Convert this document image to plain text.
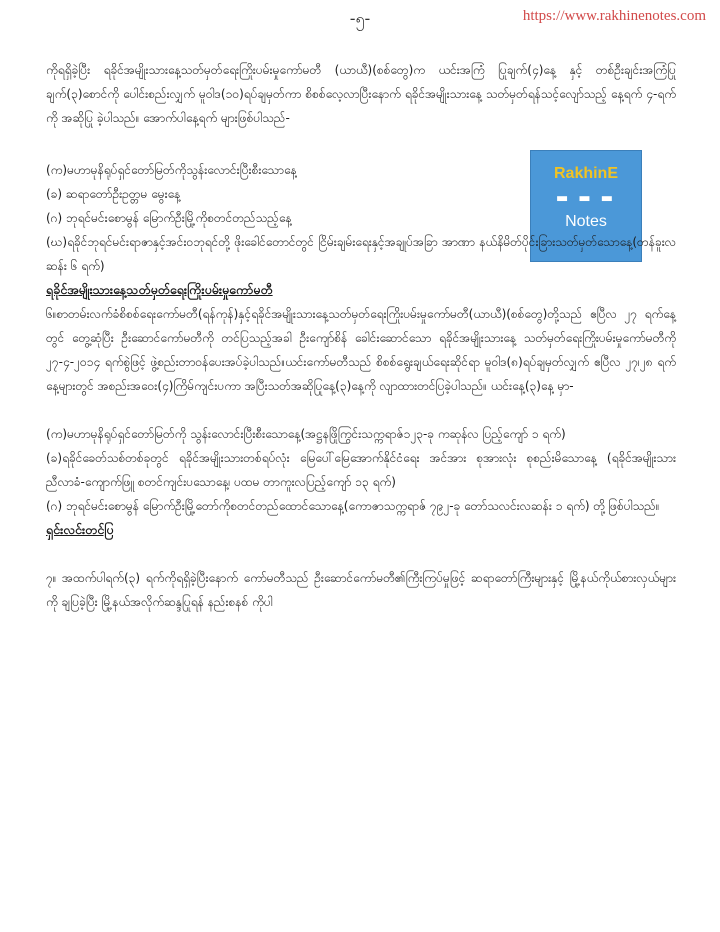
-၅-	https://www.rakhinenotes.com
RakhinE
▬ ▬ ▬
Notes

ကိုရရှိခဲ့ပြီး ရခိုင်အမျိုးသားနေ့သတ်မှတ်ရေးကြိုးပမ်းမှုကော်မတီ (ယာယီ)(စစ်တွေ)က ယင်းအကြံ ပြုချက်(၄)နေ့ နှင့် တစ်ဦးချင်းအကြံပြုချက်(၃)စောင်ကို ပေါင်းစည်းလျှက် မူ၀ါဒ(၁၀)ရပ်ချမှတ်ကာ စိစစ်လေ့လာပြီးနောက် ရခိုင်အမျိုးသားနေ့ သတ်မှတ်ရန်သင့်လျော်သည့် နေ့ရက် ၄-ရက်ကို အဆိုပြု ခဲ့ပါသည်။ အောက်ပါနေ့ရက် များဖြစ်ပါသည်-

(က)မဟာမုနိရုပ်ရှင်တော်မြတ်ကိုသွန်းလောင်းပြီးစီးသောနေ့

(ခ) ဆရာတော်ဦးဥတ္တမ မွေးနေ့

(ဂ) ဘုရင်မင်းစောမွန် မြောက်ဦးမြို့ကိုစတင်တည်သည့်နေ့

(ဃ)ရခိုင်ဘုရင်မင်းရာဇာနှင့်အင်းဝဘုရင်တို့ ဖိုးခေါင်တောင်တွင် ငြိမ်းချမ်းရေးနှင့်အချုပ်အခြာ အာဏာ နယ်နိမိတ်ပိုင်းခြားသတ်မှတ်သောနေ့(တန်ခူးလဆန်း ၆ ရက်)

ရခိုင်အမျိုးသားနေ့သတ်မှတ်ရေးကြိုးပမ်းမှုကော်မတီ

၆။စာတမ်းလက်ခံစိစစ်ရေးကော်မတီ(ရန်ကုန်)နှင့်ရခိုင်အမျိုးသားနေ့သတ်မှတ်ရေးကြိုးပမ်းမှုကော်မတီ(ယာယီ)(စစ်တွေ)တို့သည် ဧပြီလ ၂၇ ရက်နေ့တွင် တွေ့ဆုံပြီး ဦးဆောင်ကော်မတီကို တင်ပြသည့်အခါ ဦးကျော်စိန် ခေါင်းဆောင်သော ရခိုင်အမျိုးသားနေ့ သတ်မှတ်ရေးကြိုးပမ်းမှုကော်မတီကို ၂၇-၄-၂၀၁၄ ရက်စွဲဖြင့် ဖွဲ့စည်းတာဝန်ပေးအပ်ခဲ့ပါသည်။ယင်းကော်မတီသည် စိစစ်ရွေးချယ်ရေးဆိုင်ရာ မူ၀ါဒ(၈)ရပ်ချမှတ်လျှက် ဧပြီလ ၂၇၊၂၈ ရက်နေ့များတွင် အစည်းအဝေး(၄)ကြိမ်ကျင်းပကာ အပြီးသတ်အဆိုပြုနေ့(၃)နေ့ကို လျာထားတင်ပြခဲ့ပါသည်။ ယင်းနေ့(၃)နေ့ မှာ-

(က)မဟာမုနိရုပ်ရှင်တော်မြတ်ကို သွန်းလောင်းပြီးစီးသောနေ့(အဋ္ဌနဖြိုကြွင်းသက္ကရာဇ်၁၂၃-ခု ကဆုန်လ ပြည့်ကျော် ၁ ရက်)

(ခ)ရခိုင်ခေတ်သစ်တစ်ခုတွင် ရခိုင်အမျိုးသားတစ်ရပ်လုံး မြေပေါ်မြေအောက်နိုင်ငံရေး အင်အား စုအားလုံး စုစည်းမိသောနေ့ (ရခိုင်အမျိုးသားညီလာခံ-ကျောက်ဖြူ စတင်ကျင်းပသောနေ့၊ ပထမ တာကူးလပြည့်ကျော် ၁၃ ရက်)

(ဂ) ဘုရင်မင်းစောမွန် မြောက်ဦးမြို့တော်ကိုစတင်တည်ထောင်သောနေ့(ကောဇာသက္ကရာဇ် ၇၉၂-ခု တော်သလင်းလဆန်း ၁ ရက်) တို့ဖြစ်ပါသည်။

ရှင်းလင်းတင်ပြ

၇။ အထက်ပါရက်(၃) ရက်ကိုရရှိခဲ့ပြီးနောက် ကော်မတီသည် ဦးဆောင်ကော်မတီ၏ကြီးကြပ်မှုဖြင့် ဆရာတော်ကြီးများနှင့် မြို့နယ်ကိုယ်စားလှယ်များကို ချပြခဲ့ပြီး မြို့နယ်အလိုက်ဆန္ဒပြုရန် နည်းစနစ် ကိုပါ
